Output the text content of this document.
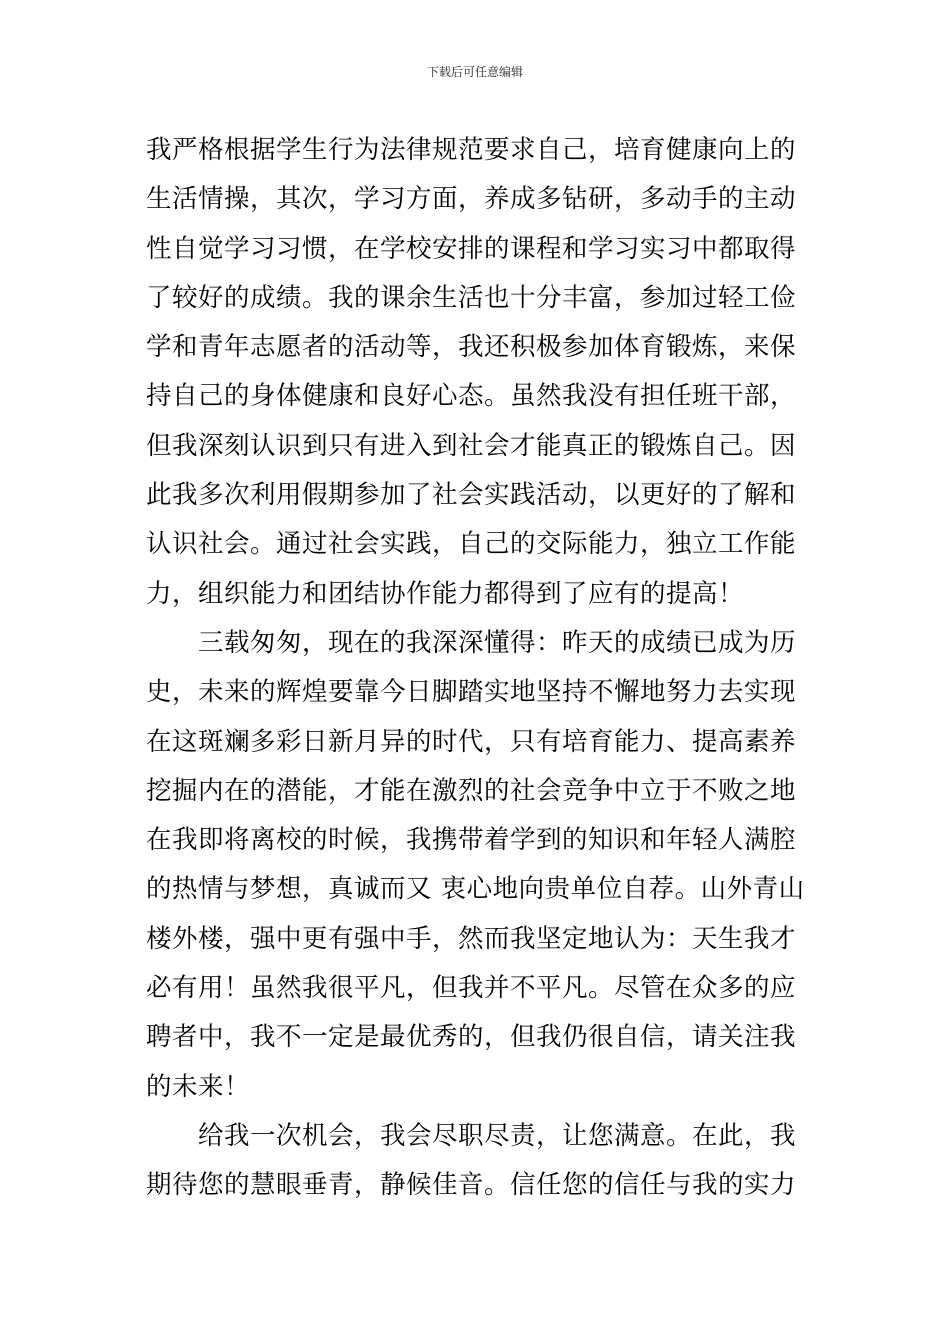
下载后可任意编辑
我严格根据学生行为法律规范要求自己，培育健康向上的
生活情操，其次，学习方面，养成多钻研，多动手的主动
性自觉学习习惯，在学校安排的课程和学习实习中都取得
了较好的成绩。我的课余生活也十分丰富，参加过轻工俭
学和青年志愿者的活动等，我还积极参加体育锻炼，来保
持自己的身体健康和良好心态。虽然我没有担任班干部，
但我深刻认识到只有进入到社会才能真正的锻炼自己。因
此我多次利用假期参加了社会实践活动，以更好的了解和
认识社会。通过社会实践，自己的交际能力，独立工作能
力，组织能力和团结协作能力都得到了应有的提高！
　　三载匆匆，现在的我深深懂得：昨天的成绩已成为历
史，未来的辉煌要靠今日脚踏实地坚持不懈地努力去实现
在这斑斓多彩日新月异的时代，只有培育能力、提高素养
挖掘内在的潜能，才能在激烈的社会竞争中立于不败之地
在我即将离校的时候，我携带着学到的知识和年轻人满腔
的热情与梦想，真诚而又 衷心地向贵单位自荐。山外青山
楼外楼，强中更有强中手，然而我坚定地认为：天生我才
必有用！虽然我很平凡，但我并不平凡。尽管在众多的应
聘者中，我不一定是最优秀的，但我仍很自信，请关注我
的未来！
　　给我一次机会，我会尽职尽责，让您满意。在此，我
期待您的慧眼垂青，静候佳音。信任您的信任与我的实力
